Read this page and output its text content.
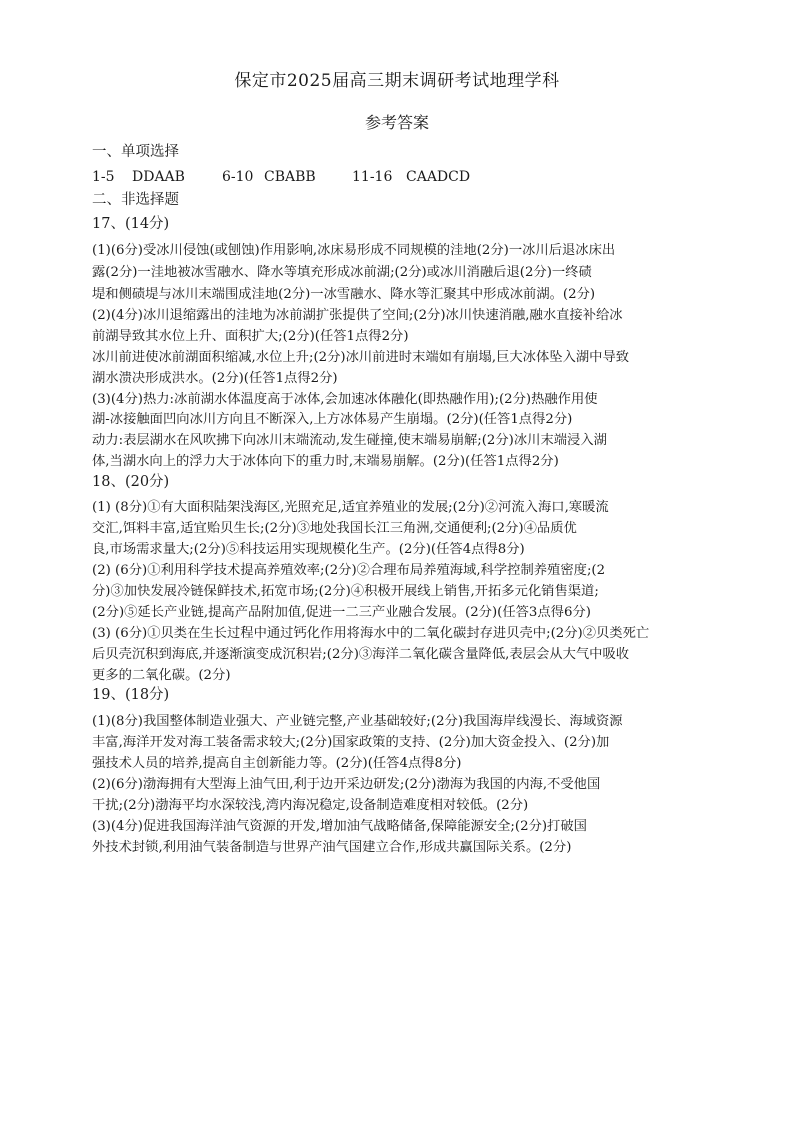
保定市2025届高三期末调研考试地理学科
参考答案
一、单项选择
1-5 DDAAB	6-10 CBABB	11-16 CAADCD
二、非选择题
17、(14分)
(1)(6分)受冰川侵蚀(或刨蚀)作用影响,冰床易形成不同规模的洼地(2分)一冰川后退冰床出
露(2分)一洼地被冰雪融水、降水等填充形成冰前湖;(2分)或冰川消融后退(2分)一终碛
堤和侧碛堤与冰川末端围成洼地(2分)一冰雪融水、降水等汇聚其中形成冰前湖。(2分)
(2)(4分)冰川退缩露出的洼地为冰前湖扩张提供了空间;(2分)冰川快速消融,融水直接补给冰
前湖导致其水位上升、面积扩大;(2分)(任答1点得2分)
冰川前进使冰前湖面积缩减,水位上升;(2分)冰川前进时末端如有崩塌,巨大冰体坠入湖中导致
湖水溃决形成洪水。(2分)(任答1点得2分)
(3)(4分)热力:冰前湖水体温度高于冰体,会加速冰体融化(即热融作用);(2分)热融作用使
湖-冰接触面凹向冰川方向且不断深入,上方冰体易产生崩塌。(2分)(任答1点得2分)
动力:表层湖水在风吹拂下向冰川末端流动,发生碰撞,使末端易崩解;(2分)冰川末端浸入湖
体,当湖水向上的浮力大于冰体向下的重力时,末端易崩解。(2分)(任答1点得2分)
18、(20分)
(1) (8分)①有大面积陆架浅海区,光照充足,适宜养殖业的发展;(2分)②河流入海口,寒暖流
交汇,饵料丰富,适宜贻贝生长;(2分)③地处我国长江三角洲,交通便利;(2分)④品质优
良,市场需求量大;(2分)⑤科技运用实现规模化生产。(2分)(任答4点得8分)
(2) (6分)①利用科学技术提高养殖效率;(2分)②合理布局养殖海域,科学控制养殖密度;(2
分)③加快发展冷链保鲜技术,拓宽市场;(2分)④积极开展线上销售,开拓多元化销售渠道;
(2分)⑤延长产业链,提高产品附加值,促进一二三产业融合发展。(2分)(任答3点得6分)
(3) (6分)①贝类在生长过程中通过钙化作用将海水中的二氧化碳封存进贝壳中;(2分)②贝类死亡
后贝壳沉积到海底,并逐渐演变成沉积岩;(2分)③海洋二氧化碳含量降低,表层会从大气中吸收
更多的二氧化碳。(2分)
19、(18分)
(1)(8分)我国整体制造业强大、产业链完整,产业基础较好;(2分)我国海岸线漫长、海域资源
丰富,海洋开发对海工装备需求较大;(2分)国家政策的支持、(2分)加大资金投入、(2分)加
强技术人员的培养,提高自主创新能力等。(2分)(任答4点得8分)
(2)(6分)渤海拥有大型海上油气田,利于边开采边研发;(2分)渤海为我国的内海,不受他国
干扰;(2分)渤海平均水深较浅,湾内海况稳定,设备制造难度相对较低。(2分)
(3)(4分)促进我国海洋油气资源的开发,增加油气战略储备,保障能源安全;(2分)打破国
外技术封锁,利用油气装备制造与世界产油气国建立合作,形成共赢国际关系。(2分)
